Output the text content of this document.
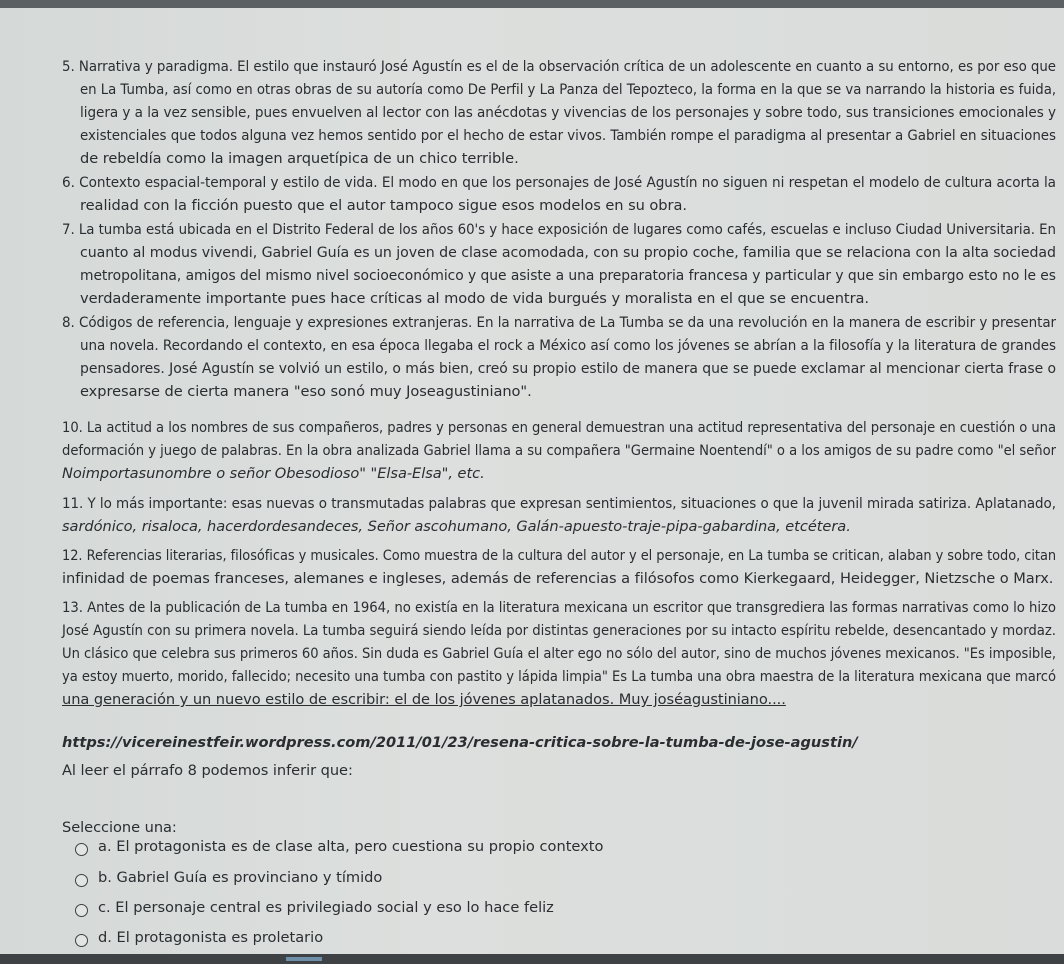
5. Narrativa y paradigma. El estilo que instauró José Agustín es el de la observación crítica de un adolescente en cuanto a su entorno, es por eso que
en La Tumba, así como en otras obras de su autoría como De Perfil y La Panza del Tepozteco, la forma en la que se va narrando la historia es fuida,
ligera y a la vez sensible, pues envuelven al lector con las anécdotas y vivencias de los personajes y sobre todo, sus transiciones emocionales y
existenciales que todos alguna vez hemos sentido por el hecho de estar vivos. También rompe el paradigma al presentar a Gabriel en situaciones
de rebeldía como la imagen arquetípica de un chico terrible.
6. Contexto espacial-temporal y estilo de vida. El modo en que los personajes de José Agustín no siguen ni respetan el modelo de cultura acorta la
realidad con la ficción puesto que el autor tampoco sigue esos modelos en su obra.
7. La tumba está ubicada en el Distrito Federal de los años 60's y hace exposición de lugares como cafés, escuelas e incluso Ciudad Universitaria. En
cuanto al modus vivendi, Gabriel Guía es un joven de clase acomodada, con su propio coche, familia que se relaciona con la alta sociedad
metropolitana, amigos del mismo nivel socioeconómico y que asiste a una preparatoria francesa y particular y que sin embargo esto no le es
verdaderamente importante pues hace críticas al modo de vida burgués y moralista en el que se encuentra.
8. Códigos de referencia, lenguaje y expresiones extranjeras. En la narrativa de La Tumba se da una revolución en la manera de escribir y presentar
una novela. Recordando el contexto, en esa época llegaba el rock a México así como los jóvenes se abrían a la filosofía y la literatura de grandes
pensadores. José Agustín se volvió un estilo, o más bien, creó su propio estilo de manera que se puede exclamar al mencionar cierta frase o
expresarse de cierta manera "eso sonó muy Joseagustiniano".
10. La actitud a los nombres de sus compañeros, padres y personas en general demuestran una actitud representativa del personaje en cuestión o una
deformación y juego de palabras. En la obra analizada Gabriel llama a su compañera "Germaine Noentendí" o a los amigos de su padre como "el señor
Noimportasunombre o señor Obesodioso" "Elsa-Elsa", etc.
11. Y lo más importante: esas nuevas o transmutadas palabras que expresan sentimientos, situaciones o que la juvenil mirada satiriza. Aplatanado,
sardónico, risaloca, hacerdordesandeces, Señor ascohumano, Galán-apuesto-traje-pipa-gabardina, etcétera.
12. Referencias literarias, filosóficas y musicales. Como muestra de la cultura del autor y el personaje, en La tumba se critican, alaban y sobre todo, citan
infinidad de poemas franceses, alemanes e ingleses, además de referencias a filósofos como Kierkegaard, Heidegger, Nietzsche o Marx.
13. Antes de la publicación de La tumba en 1964, no existía en la literatura mexicana un escritor que transgrediera las formas narrativas como lo hizo
José Agustín con su primera novela. La tumba seguirá siendo leída por distintas generaciones por su intacto espíritu rebelde, desencantado y mordaz.
Un clásico que celebra sus primeros 60 años. Sin duda es Gabriel Guía el alter ego no sólo del autor, sino de muchos jóvenes mexicanos. "Es imposible,
ya estoy muerto, morido, fallecido; necesito una tumba con pastito y lápida limpia" Es La tumba una obra maestra de la literatura mexicana que marcó
una generación y un nuevo estilo de escribir: el de los jóvenes aplatanados. Muy joséagustiniano....
https://vicereinestfeir.wordpress.com/2011/01/23/resena-critica-sobre-la-tumba-de-jose-agustin/
Al leer el párrafo 8 podemos inferir que:
Seleccione una:
a. El protagonista es de clase alta, pero cuestiona su propio contexto
b. Gabriel Guía es provinciano y tímido
c. El personaje central es privilegiado social y eso lo hace feliz
d. El protagonista es proletario
